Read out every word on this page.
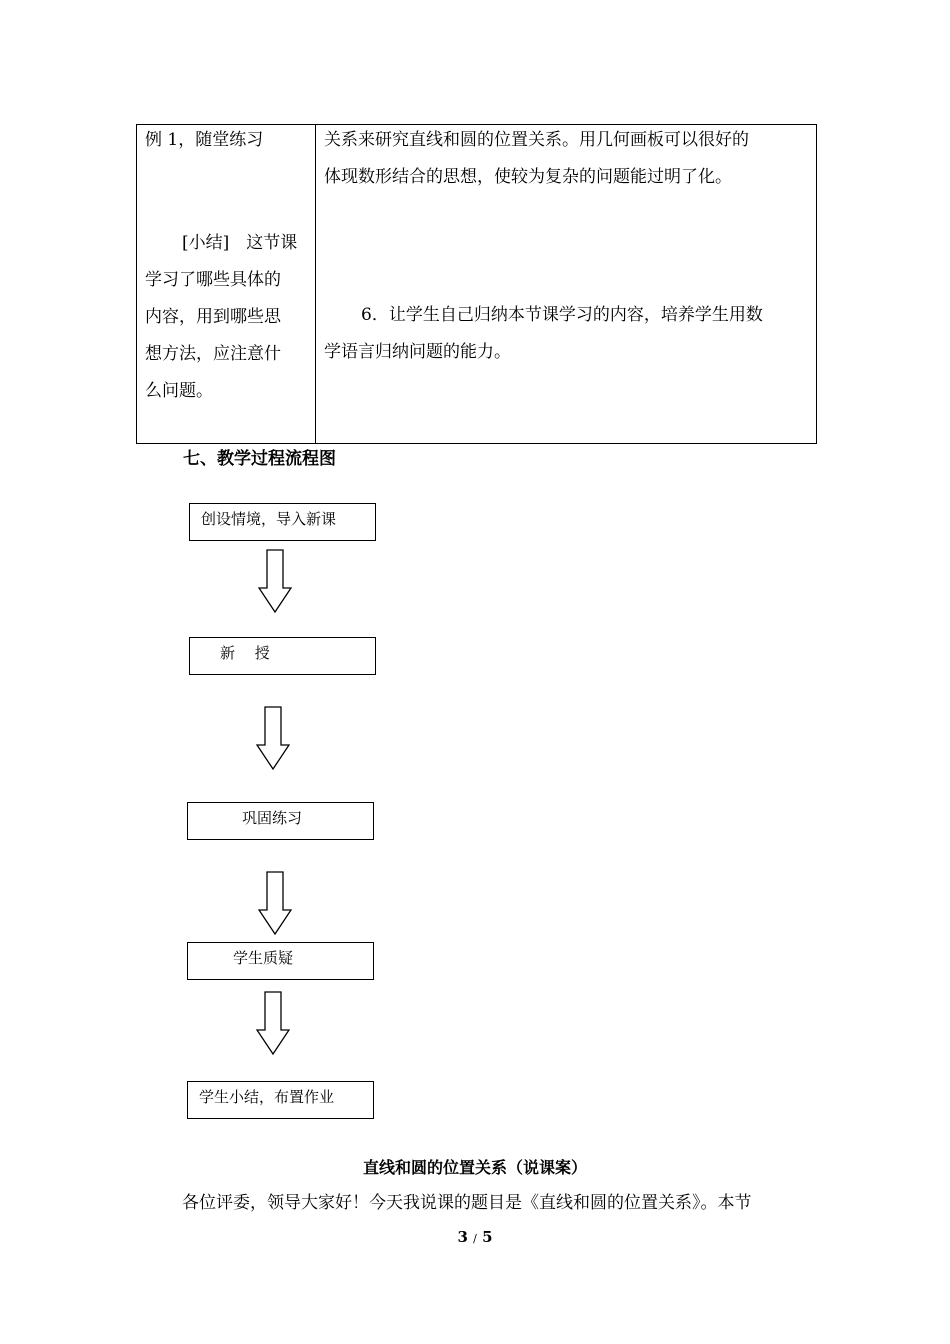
例 1，随堂练习
[小结]　这节课
学习了哪些具体的
内容，用到哪些思
想方法，应注意什
么问题。
关系来研究直线和圆的位置关系。用几何画板可以很好的
体现数形结合的思想，使较为复杂的问题能过明了化。
6．让学生自己归纳本节课学习的内容，培养学生用数
学语言归纳问题的能力。
七、教学过程流程图
创设情境，导入新课
新　 授
巩固练习
学生质疑
学生小结，布置作业
直线和圆的位置关系（说课案）
各位评委，领导大家好！今天我说课的题目是《直线和圆的位置关系》。本节
3 / 5
